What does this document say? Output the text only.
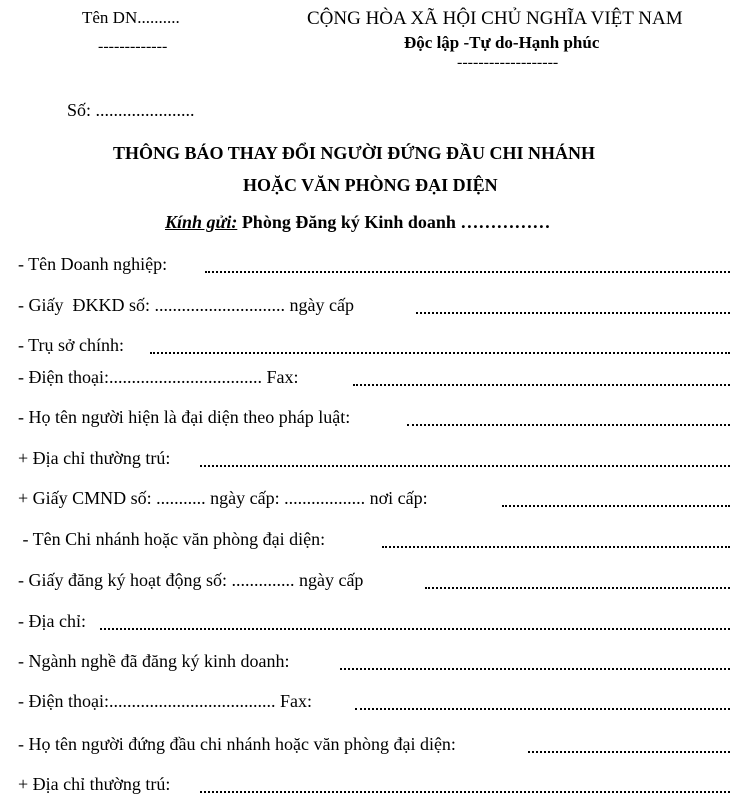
Tên DN..........
-------------
CỘNG HÒA XÃ HỘI CHỦ NGHĨA VIỆT NAM
Độc lập -Tự do-Hạnh phúc
-------------------
Số: ......................
THÔNG BÁO THAY ĐỔI NGƯỜI ĐỨNG ĐẦU CHI NHÁNH
HOẶC VĂN PHÒNG ĐẠI DIỆN
Kính gửi: Phòng Đăng ký Kinh doanh ……………
- Tên Doanh nghiệp:
- Giấy  ĐKKD số: ............................. ngày cấp
- Trụ sở chính:
- Điện thoại:.................................. Fax:
- Họ tên người hiện là đại diện theo pháp luật:
+ Địa chỉ thường trú:
+ Giấy CMND số: ........... ngày cấp: .................. nơi cấp:
- Tên Chi nhánh hoặc văn phòng đại diện:
- Giấy đăng ký hoạt động số: .............. ngày cấp
- Địa chỉ:
- Ngành nghề đã đăng ký kinh doanh:
- Điện thoại:..................................... Fax:
- Họ tên người đứng đầu chi nhánh hoặc văn phòng đại diện:
+ Địa chỉ thường trú:
